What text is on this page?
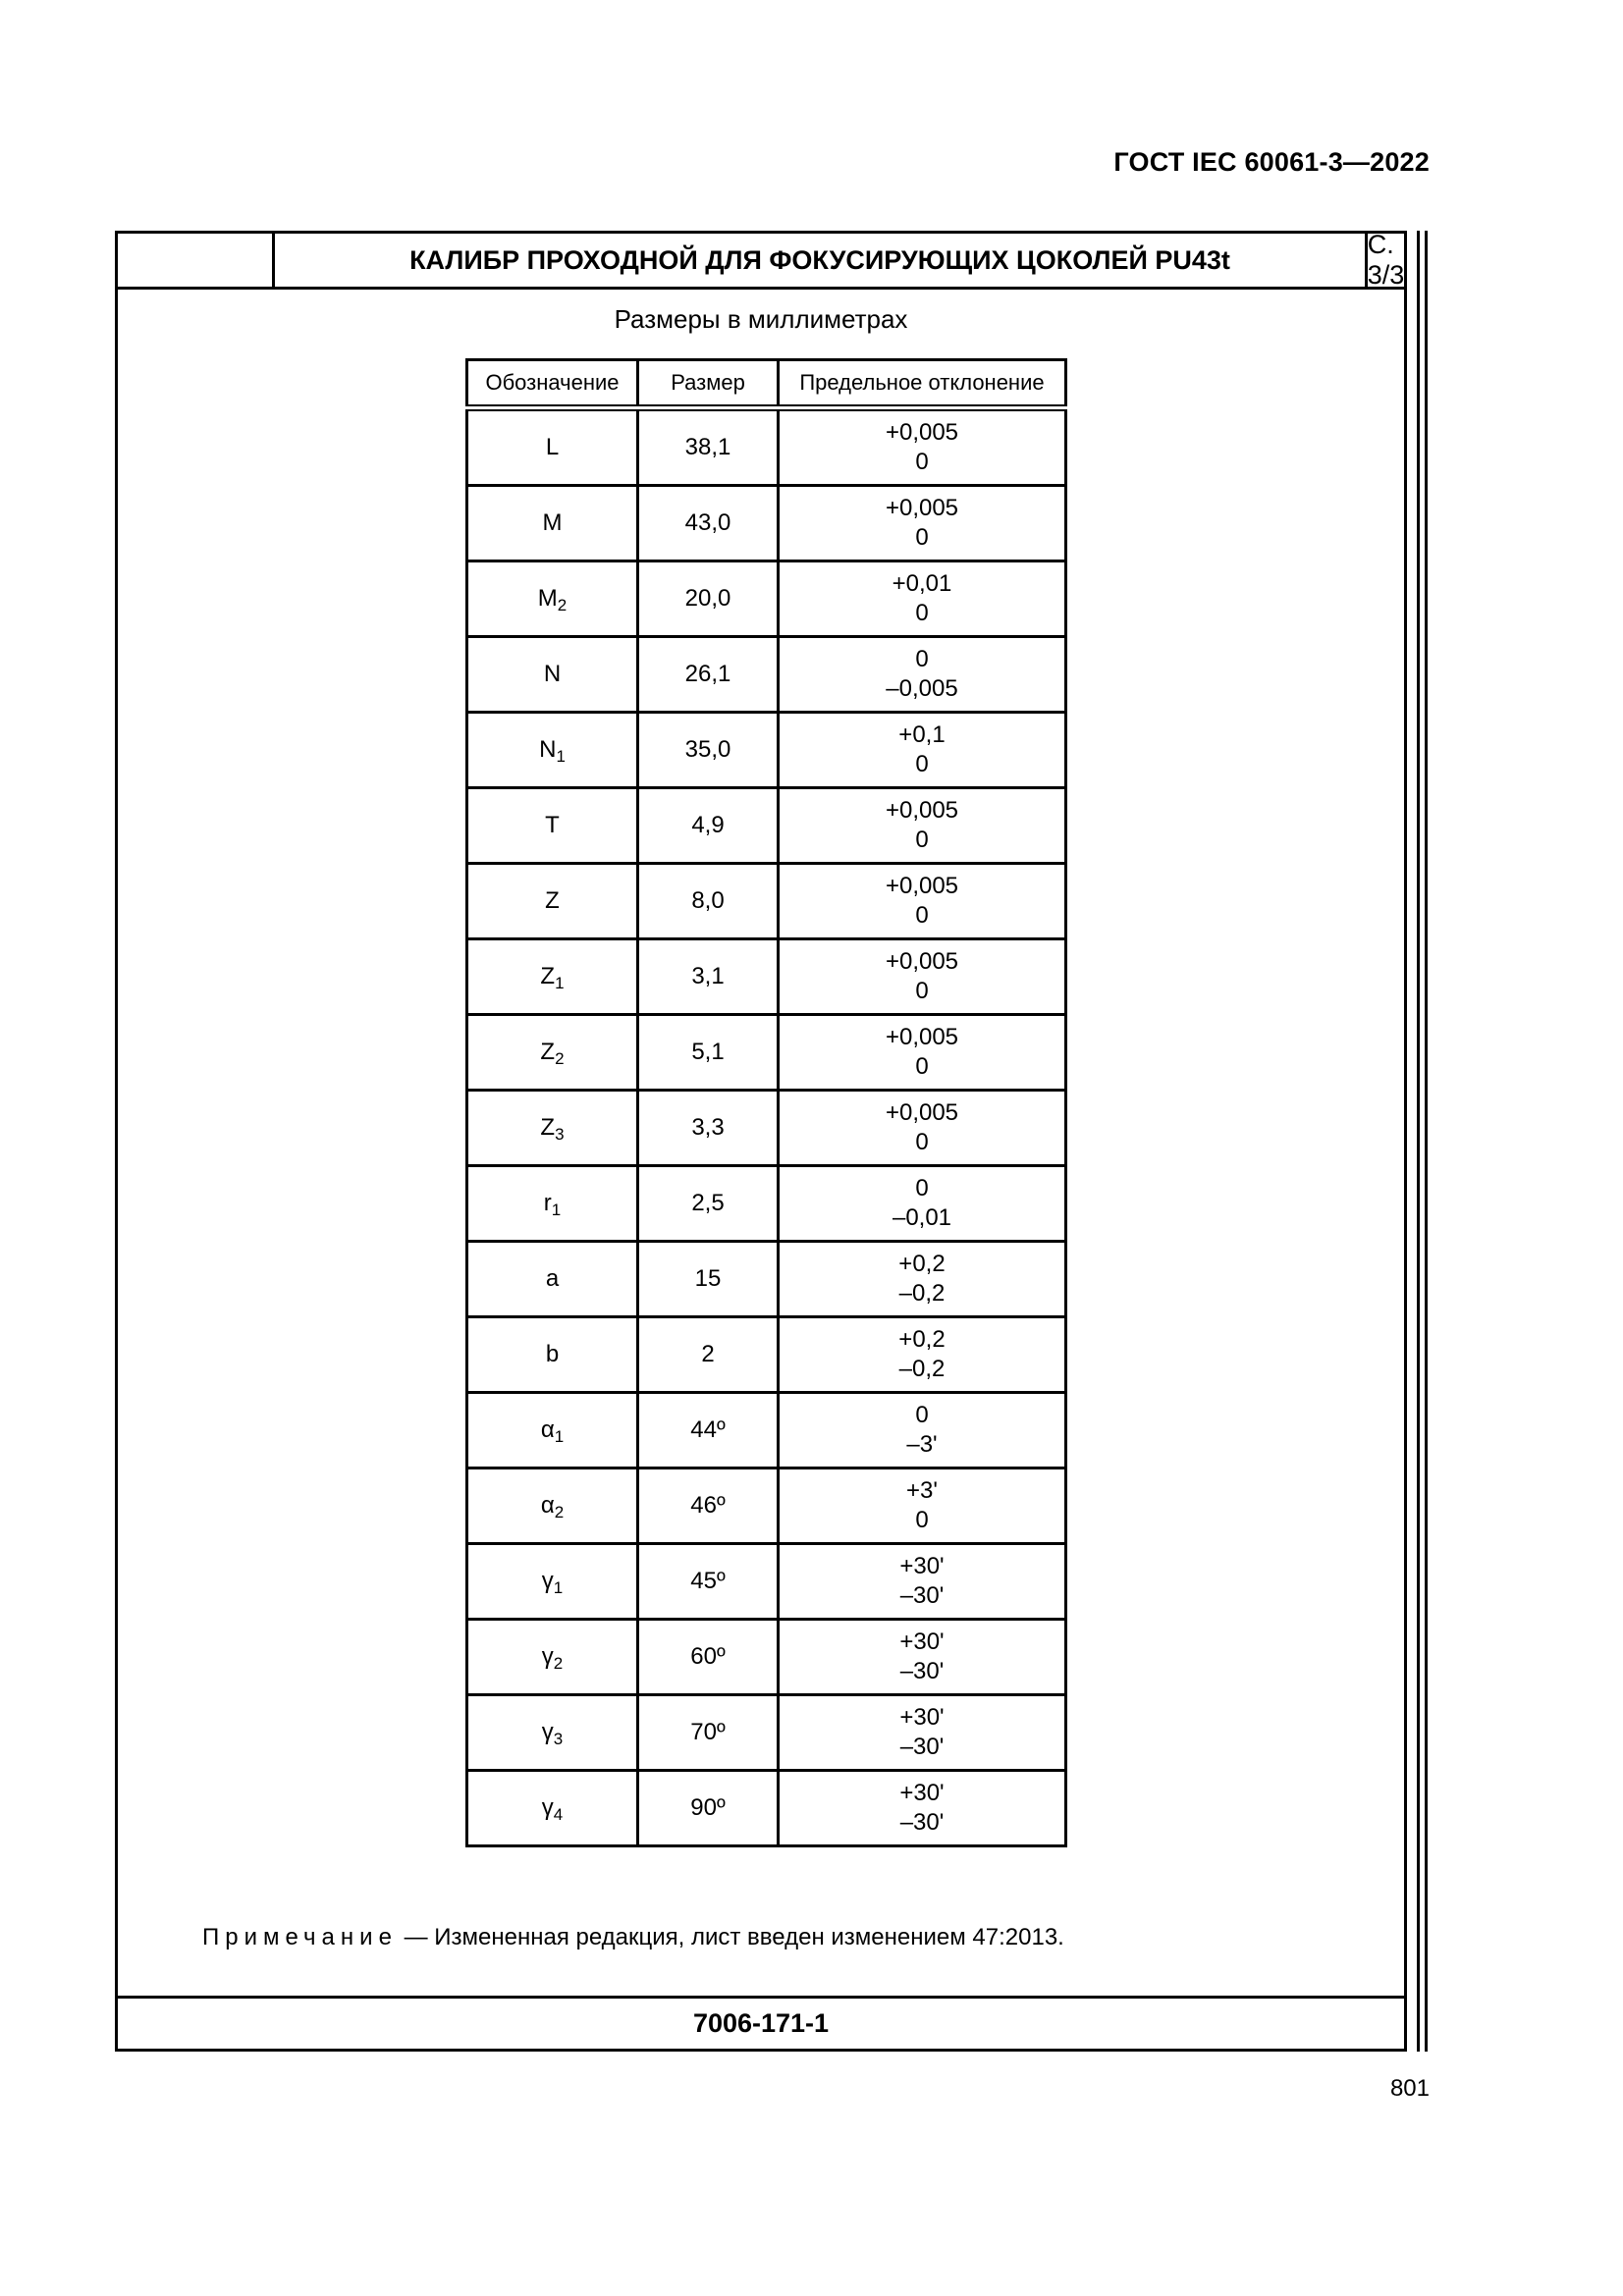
ГОСТ IEC 60061-3—2022
КАЛИБР ПРОХОДНОЙ ДЛЯ ФОКУСИРУЮЩИХ ЦОКОЛЕЙ PU43t
С. 3/3
Размеры в миллиметрах
Обозначение	Размер	Предельное отклонение
L	38,1	+0,005
0

M	43,0	+0,005
0

$M_2$	20,0	+0,01
0

N	26,1	0
–0,005

$N_1$	35,0	+0,1
0

T	4,9	+0,005
0

Z	8,0	+0,005
0

$Z_1$	3,1	+0,005
0

$Z_2$	5,1	+0,005
0

$Z_3$	3,3	+0,005
0

$r_1$	2,5	0
–0,01

a	15	+0,2
–0,2

b	2	+0,2
–0,2

$\alpha_1$	44º	0
–3'

$\alpha_2$	46º	+3'
0

$\gamma_1$	45º	+30'
–30'

$\gamma_2$	60º	+30'
–30'

$\gamma_3$	70º	+30'
–30'

$\gamma_4$	90º	+30'
–30'
Примечание — Измененная редакция, лист введен изменением 47:2013.
7006-171-1
801
